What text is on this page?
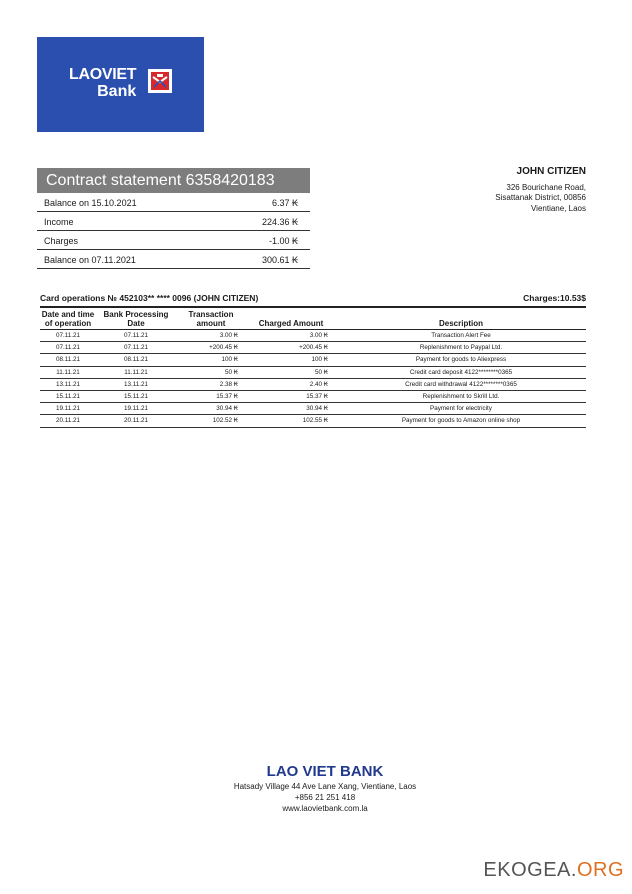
LAOVIET
Bank
Contract statement 6358420183
Balance on 15.10.2021	6.37 ₭
Income	224.36 ₭
Charges	-1.00 ₭
Balance on 07.11.2021	300.61 ₭
JOHN CITIZEN
326 Bourichane Road,
Sisattanak District, 00856
Vientiane, Laos
Card operations № 452103** **** 0096 (JOHN CITIZEN)	Charges:10.53$
Date and time of operation	Bank Processing Date	Transaction amount	Charged Amount	Description
07.11.21	07.11.21	3.00 ₭	3.00 ₭	Transaction Alert Fee
07.11.21	07.11.21	+200.45 ₭	+200.45 ₭	Replenishment to Paypal Ltd.
08.11.21	08.11.21	100 ₭	100 ₭	Payment for goods to Aliexpress
11.11.21	11.11.21	50 ₭	50 ₭	Credit card deposit 4122********0365
13.11.21	13.11.21	2.38 ₭	2.40 ₭	Credit card withdrawal 4122********0365
15.11.21	15.11.21	15.37 ₭	15.37 ₭	Replenishment to Skrill Ltd.
19.11.21	19.11.21	30.94 ₭	30.94 ₭	Payment for electricity
20.11.21	20.11.21	102.52 ₭	102.55 ₭	Payment for goods to Amazon online shop
LAO VIET BANK
Hatsady Village 44 Ave Lane Xang, Vientiane, Laos
+856 21 251 418
www.laovietbank.com.la
EKOGEA.ORG
